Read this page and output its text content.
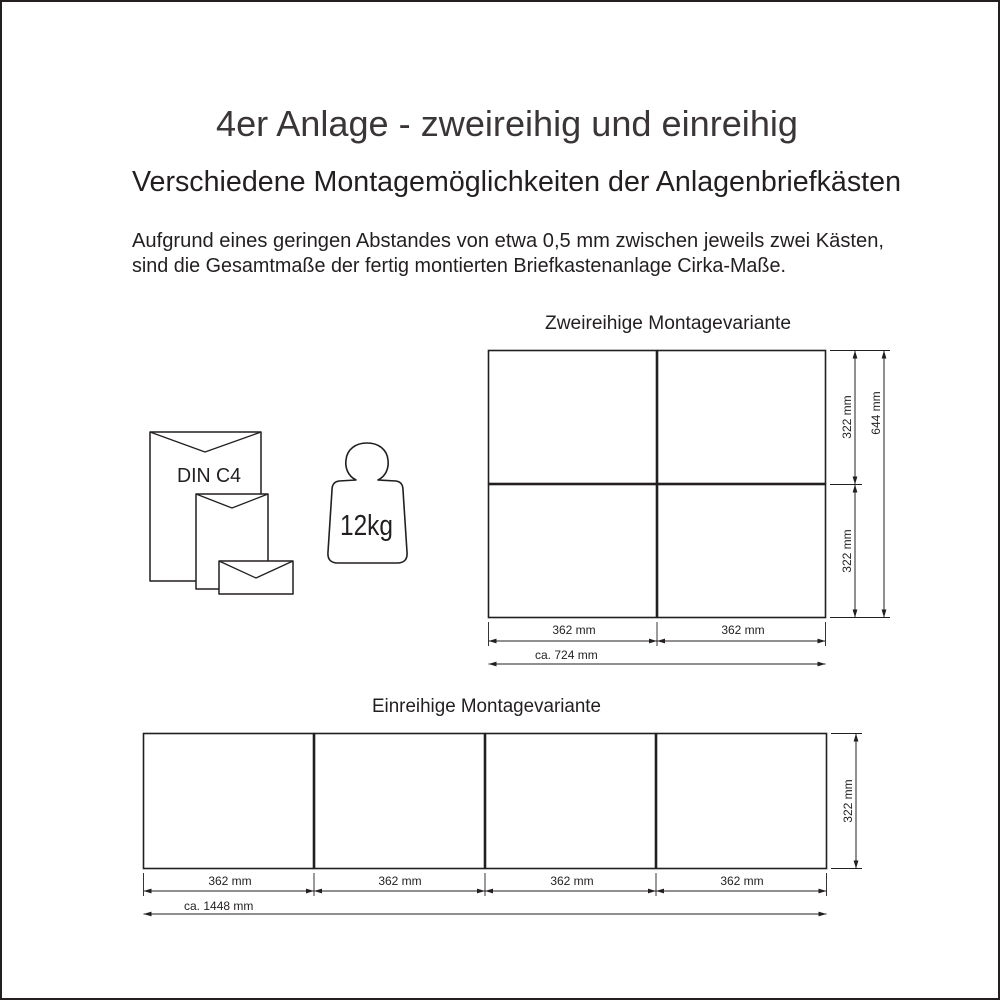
4er Anlage - zweireihig und einreihig
Verschiedene Montagemöglichkeiten der Anlagenbriefkästen
Aufgrund eines geringen Abstandes von etwa 0,5 mm zwischen jeweils zwei Kästen,
sind die Gesamtmaße der fertig montierten Briefkastenanlage Cirka-Maße.
DIN C4
12kg
Zweireihige Montagevariante
322 mm
322 mm
644 mm
362 mm	362 mm
ca. 724 mm
Einreihige Montagevariante
322 mm
362 mm	362 mm	362 mm	362 mm
ca. 1448 mm
